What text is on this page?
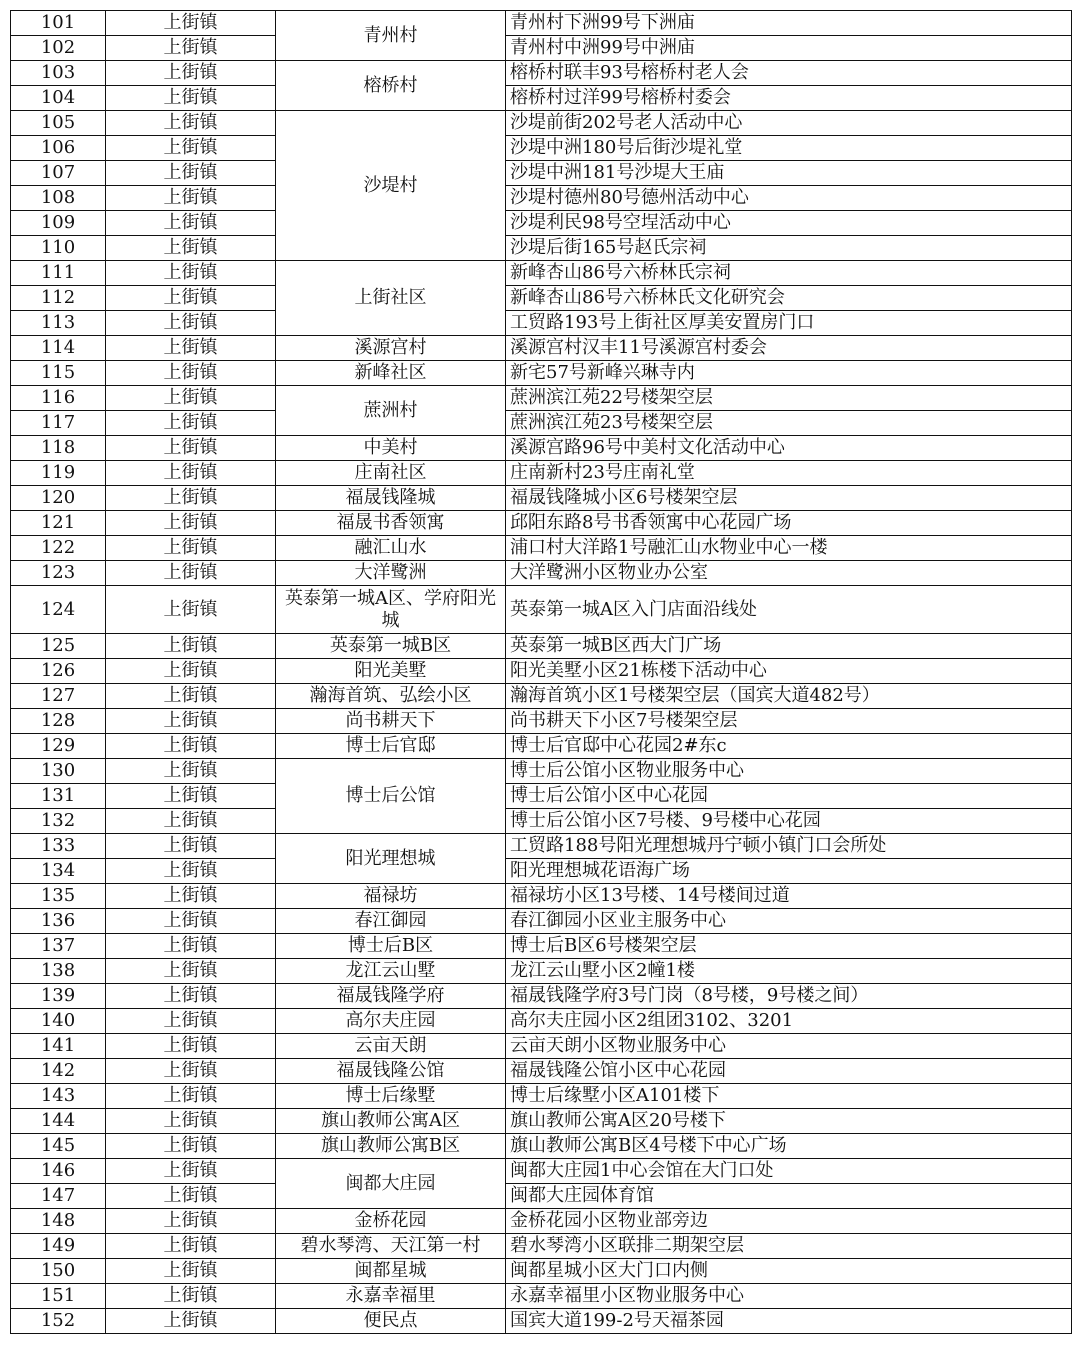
101	上街镇	青州村	青州村下洲99号下洲庙
102	上街镇		青州村中洲99号中洲庙
103	上街镇	榕桥村	榕桥村联丰93号榕桥村老人会
104	上街镇		榕桥村过洋99号榕桥村委会
105	上街镇	沙堤村	沙堤前街202号老人活动中心
106	上街镇		沙堤中洲180号后街沙堤礼堂
107	上街镇		沙堤中洲181号沙堤大王庙
108	上街镇		沙堤村德州80号德州活动中心
109	上街镇		沙堤利民98号空埕活动中心
110	上街镇		沙堤后街165号赵氏宗祠
111	上街镇	上街社区	新峰杏山86号六桥林氏宗祠
112	上街镇		新峰杏山86号六桥林氏文化研究会
113	上街镇		工贸路193号上街社区厚美安置房门口
114	上街镇	溪源宫村	溪源宫村汉丰11号溪源宫村委会
115	上街镇	新峰社区	新宅57号新峰兴琳寺内
116	上街镇	蔗洲村	蔗洲滨江苑22号楼架空层
117	上街镇		蔗洲滨江苑23号楼架空层
118	上街镇	中美村	溪源宫路96号中美村文化活动中心
119	上街镇	庄南社区	庄南新村23号庄南礼堂
120	上街镇	福晟钱隆城	福晟钱隆城小区6号楼架空层
121	上街镇	福晟书香领寓	邱阳东路8号书香领寓中心花园广场
122	上街镇	融汇山水	浦口村大洋路1号融汇山水物业中心一楼
123	上街镇	大洋鹭洲	大洋鹭洲小区物业办公室
124	上街镇	英泰第一城A区、学府阳光城	英泰第一城A区入门店面沿线处
125	上街镇	英泰第一城B区	英泰第一城B区西大门广场
126	上街镇	阳光美墅	阳光美墅小区21栋楼下活动中心
127	上街镇	瀚海首筑、弘绘小区	瀚海首筑小区1号楼架空层（国宾大道482号）
128	上街镇	尚书耕天下	尚书耕天下小区7号楼架空层
129	上街镇	博士后官邸	博士后官邸中心花园2#东c
130	上街镇	博士后公馆	博士后公馆小区物业服务中心
131	上街镇		博士后公馆小区中心花园
132	上街镇		博士后公馆小区7号楼、9号楼中心花园
133	上街镇	阳光理想城	工贸路188号阳光理想城丹宁顿小镇门口会所处
134	上街镇		阳光理想城花语海广场
135	上街镇	福禄坊	福禄坊小区13号楼、14号楼间过道
136	上街镇	春江御园	春江御园小区业主服务中心
137	上街镇	博士后B区	博士后B区6号楼架空层
138	上街镇	龙江云山墅	龙江云山墅小区2幢1楼
139	上街镇	福晟钱隆学府	福晟钱隆学府3号门岗（8号楼，9号楼之间）
140	上街镇	高尔夫庄园	高尔夫庄园小区2组团3102、3201
141	上街镇	云亩天朗	云亩天朗小区物业服务中心
142	上街镇	福晟钱隆公馆	福晟钱隆公馆小区中心花园
143	上街镇	博士后缘墅	博士后缘墅小区A101楼下
144	上街镇	旗山教师公寓A区	旗山教师公寓A区20号楼下
145	上街镇	旗山教师公寓B区	旗山教师公寓B区4号楼下中心广场
146	上街镇	闽都大庄园	闽都大庄园1中心会馆在大门口处
147	上街镇		闽都大庄园体育馆
148	上街镇	金桥花园	金桥花园小区物业部旁边
149	上街镇	碧水琴湾、天江第一村	碧水琴湾小区联排二期架空层
150	上街镇	闽都星城	闽都星城小区大门口内侧
151	上街镇	永嘉幸福里	永嘉幸福里小区物业服务中心
152	上街镇	便民点	国宾大道199-2号天福茶园
